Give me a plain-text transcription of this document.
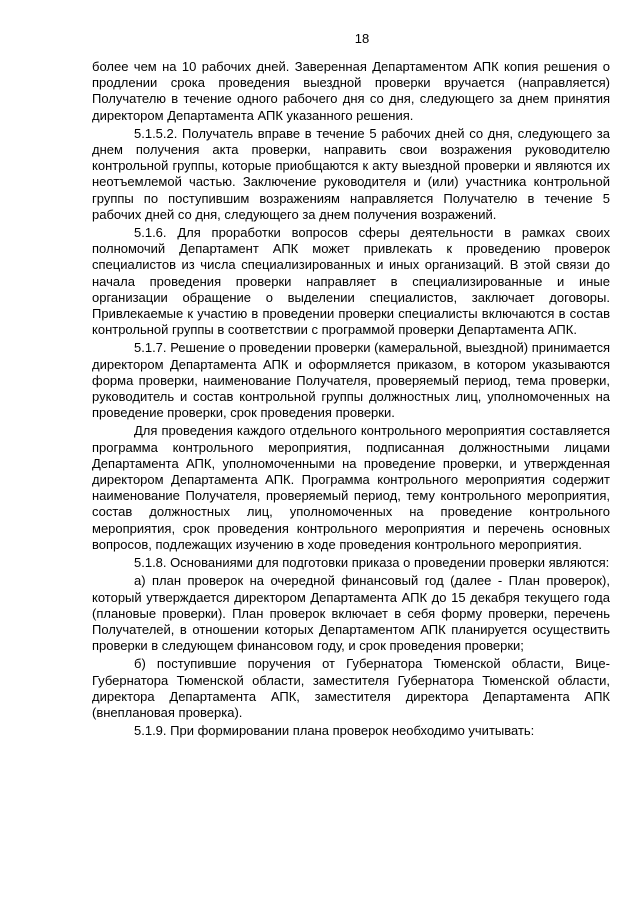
18

более чем на 10 рабочих дней. Заверенная Департаментом АПК копия решения о продлении срока проведения выездной проверки вручается (направляется) Получателю в течение одного рабочего дня со дня, следующего за днем принятия директором Департамента АПК указанного решения.

5.1.5.2. Получатель вправе в течение 5 рабочих дней со дня, следующего за днем получения акта проверки, направить свои возражения руководителю контрольной группы, которые приобщаются к акту выездной проверки и являются их неотъемлемой частью. Заключение руководителя и (или) участника контрольной группы по поступившим возражениям направляется Получателю в течение 5 рабочих дней со дня, следующего за днем получения возражений.

5.1.6. Для проработки вопросов сферы деятельности в рамках своих полномочий Департамент АПК может привлекать к проведению проверок специалистов из числа специализированных и иных организаций. В этой связи до начала проведения проверки направляет в специализированные и иные организации обращение о выделении специалистов, заключает договоры. Привлекаемые к участию в проведении проверки специалисты включаются в состав контрольной группы в соответствии с программой проверки Департамента АПК.

5.1.7. Решение о проведении проверки (камеральной, выездной) принимается директором Департамента АПК и оформляется приказом, в котором указываются форма проверки, наименование Получателя, проверяемый период, тема проверки, руководитель и состав контрольной группы должностных лиц, уполномоченных на проведение проверки, срок проведения проверки.

Для проведения каждого отдельного контрольного мероприятия составляется программа контрольного мероприятия, подписанная должностными лицами Департамента АПК, уполномоченными на проведение проверки, и утвержденная директором Департамента АПК. Программа контрольного мероприятия содержит наименование Получателя, проверяемый период, тему контрольного мероприятия, состав должностных лиц, уполномоченных на проведение контрольного мероприятия, срок проведения контрольного мероприятия и перечень основных вопросов, подлежащих изучению в ходе проведения контрольного мероприятия.

5.1.8. Основаниями для подготовки приказа о проведении проверки являются:

а) план проверок на очередной финансовый год (далее - План проверок), который утверждается директором Департамента АПК до 15 декабря текущего года (плановые проверки). План проверок включает в себя форму проверки, перечень Получателей, в отношении которых Департаментом АПК планируется осуществить проверки в следующем финансовом году, и срок проведения проверки;

б) поступившие поручения от Губернатора Тюменской области, Вице-Губернатора Тюменской области, заместителя Губернатора Тюменской области, директора Департамента АПК, заместителя директора Департамента АПК (внеплановая проверка).

5.1.9. При формировании плана проверок необходимо учитывать:
